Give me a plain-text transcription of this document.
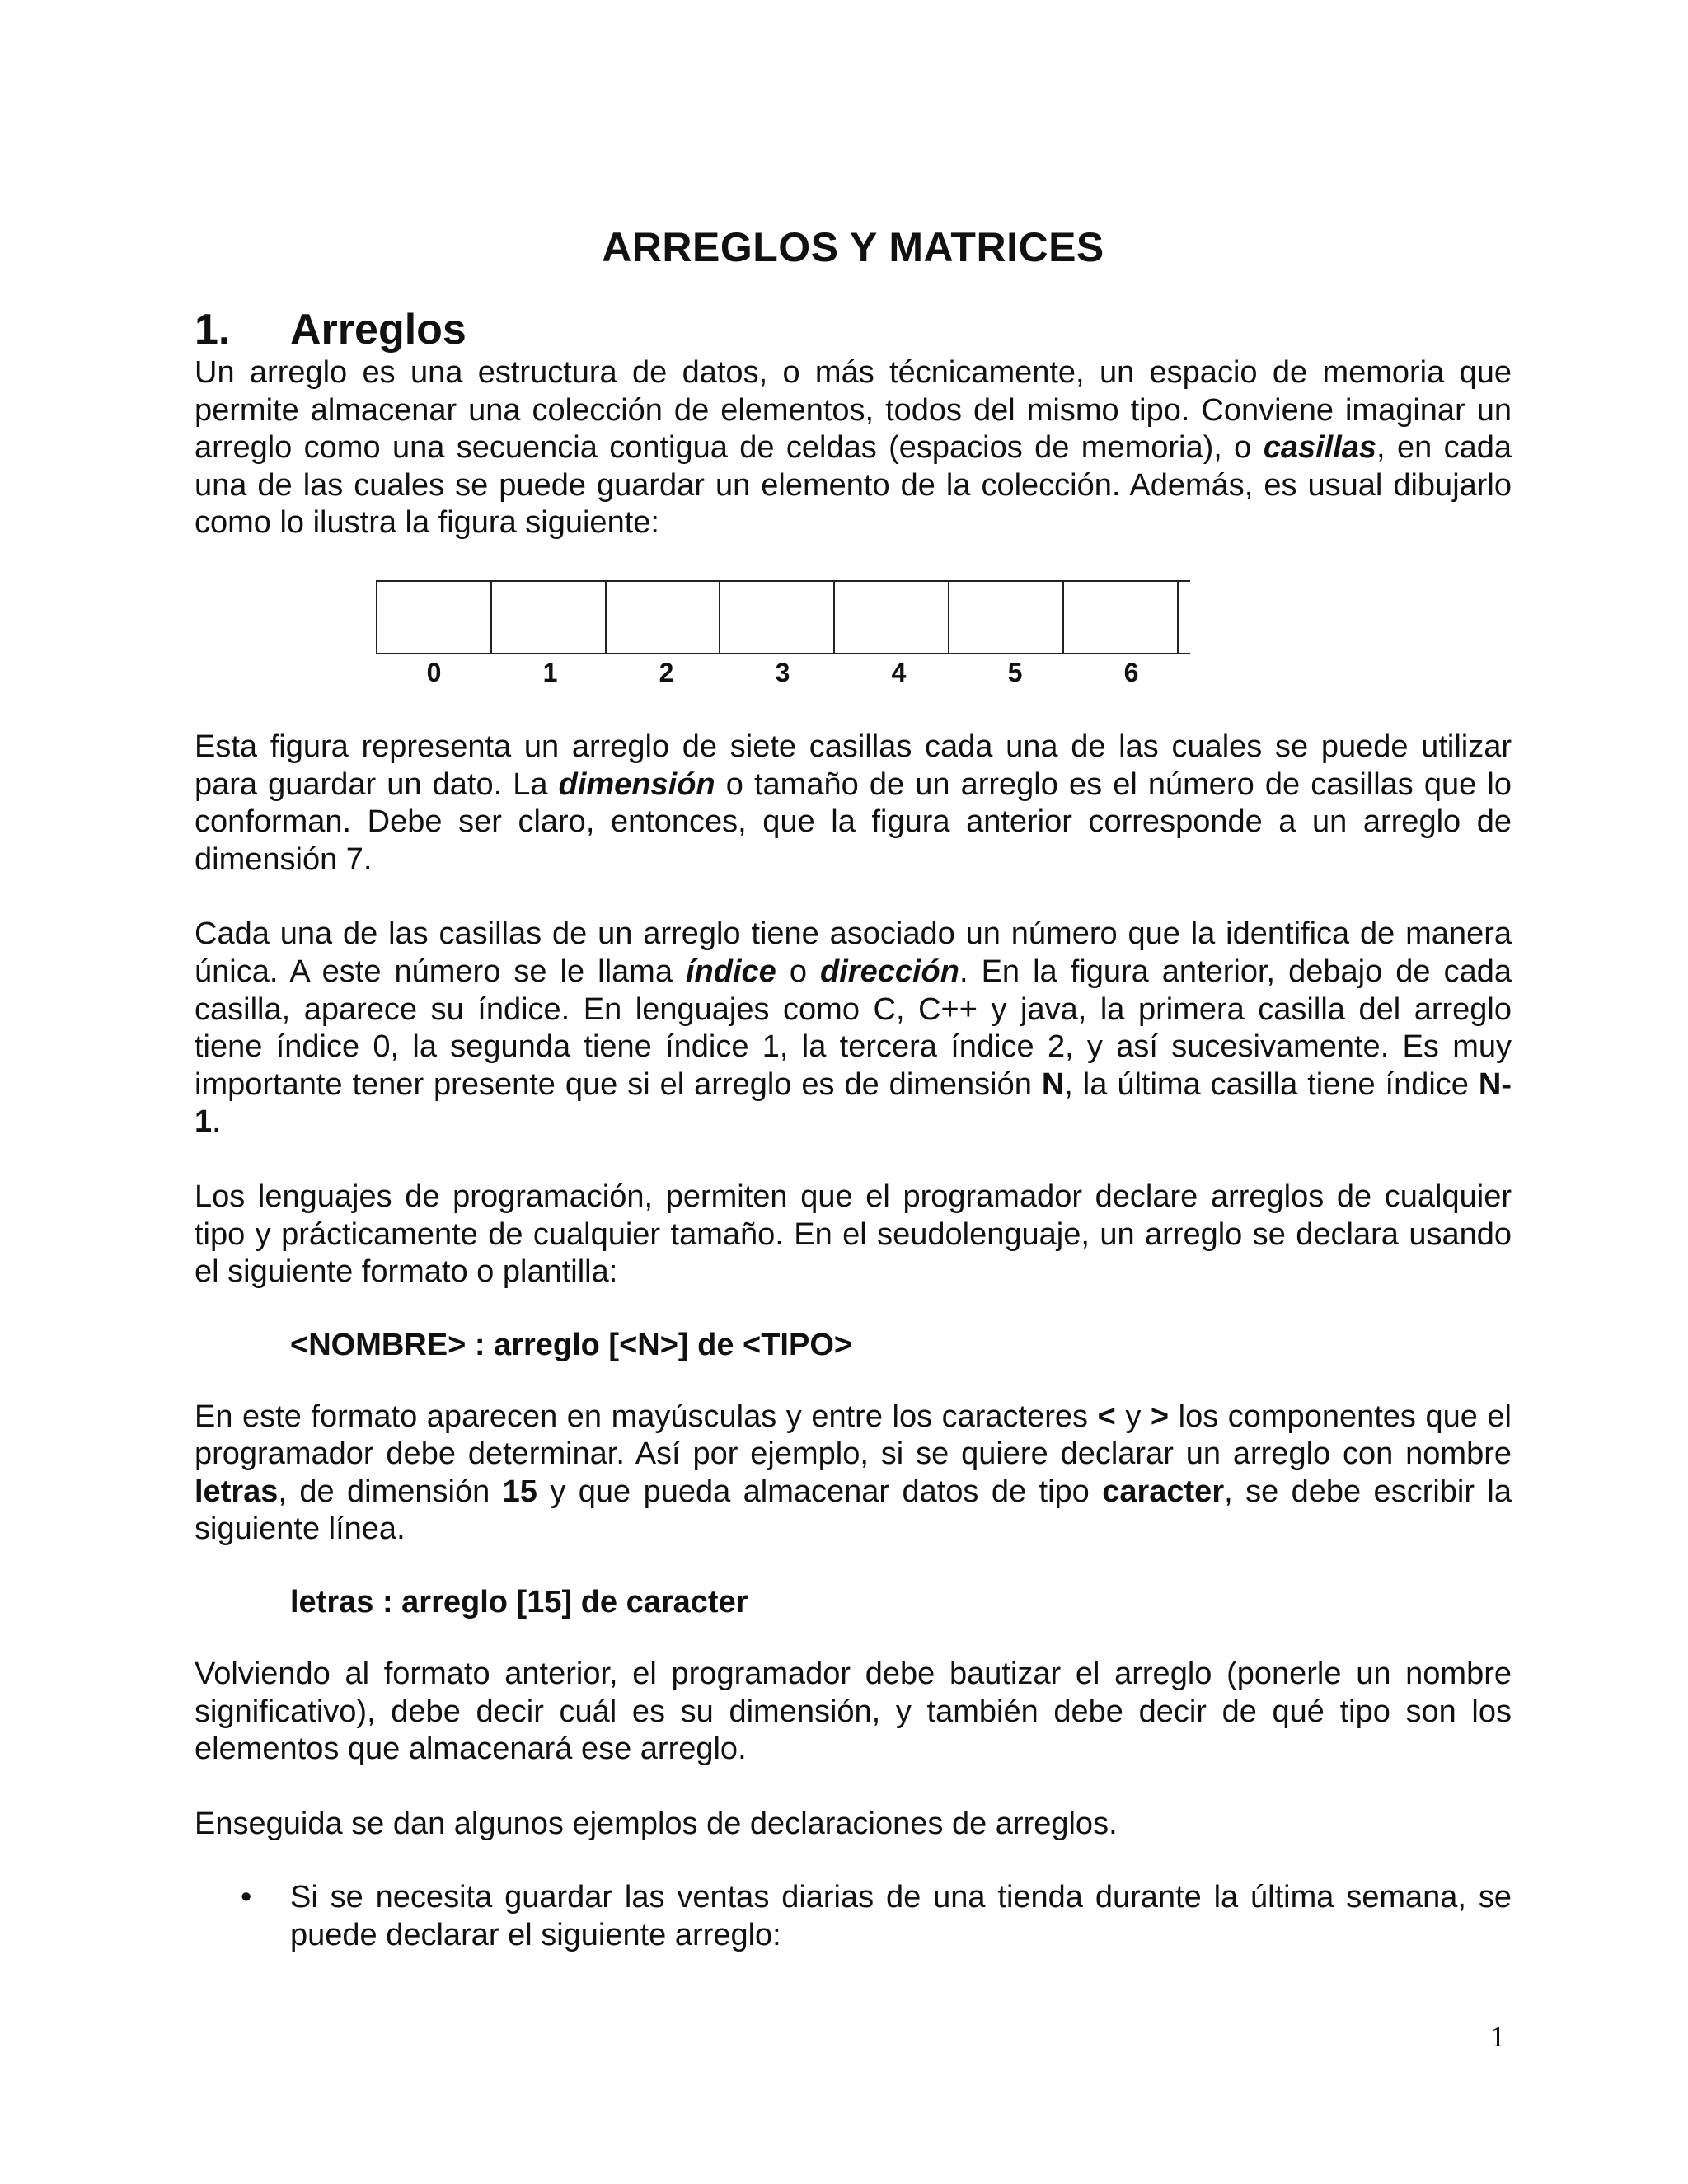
ARREGLOS Y MATRICES
1.	Arreglos

Un arreglo es una estructura de datos, o más técnicamente, un espacio de memoria que permite almacenar una colección de elementos, todos del mismo tipo. Conviene imaginar un arreglo como una secuencia contigua de celdas (espacios de memoria), o casillas, en cada una de las cuales se puede guardar un elemento de la colección. Además, es usual dibujarlo como lo ilustra la figura siguiente:

0	1	2	3	4	5	6

Esta figura representa un arreglo de siete casillas cada una de las cuales se puede utilizar para guardar un dato. La dimensión o tamaño de un arreglo es el número de casillas que lo conforman. Debe ser claro, entonces, que la figura anterior corresponde a un arreglo de dimensión 7.

Cada una de las casillas de un arreglo tiene asociado un número que la identifica de manera única. A este número se le llama índice o dirección. En la figura anterior, debajo de cada casilla, aparece su índice. En lenguajes como C, C++ y java, la primera casilla del arreglo tiene índice 0, la segunda tiene índice 1, la tercera índice 2, y así sucesivamente. Es muy importante tener presente que si el arreglo es de dimensión N, la última casilla tiene índice N-1.

Los lenguajes de programación, permiten que el programador declare arreglos de cualquier tipo y prácticamente de cualquier tamaño. En el seudolenguaje, un arreglo se declara usando el siguiente formato o plantilla:

<NOMBRE> : arreglo [<N>] de <TIPO>

En este formato aparecen en mayúsculas y entre los caracteres < y > los componentes que el programador debe determinar. Así por ejemplo, si se quiere declarar un arreglo con nombre letras, de dimensión 15 y que pueda almacenar datos de tipo caracter, se debe escribir la siguiente línea.

letras : arreglo [15] de caracter

Volviendo al formato anterior, el programador debe bautizar el arreglo (ponerle un nombre significativo), debe decir cuál es su dimensión, y también debe decir de qué tipo son los elementos que almacenará ese arreglo.

Enseguida se dan algunos ejemplos de declaraciones de arreglos.

• Si se necesita guardar las ventas diarias de una tienda durante la última semana, se puede declarar el siguiente arreglo:
1
